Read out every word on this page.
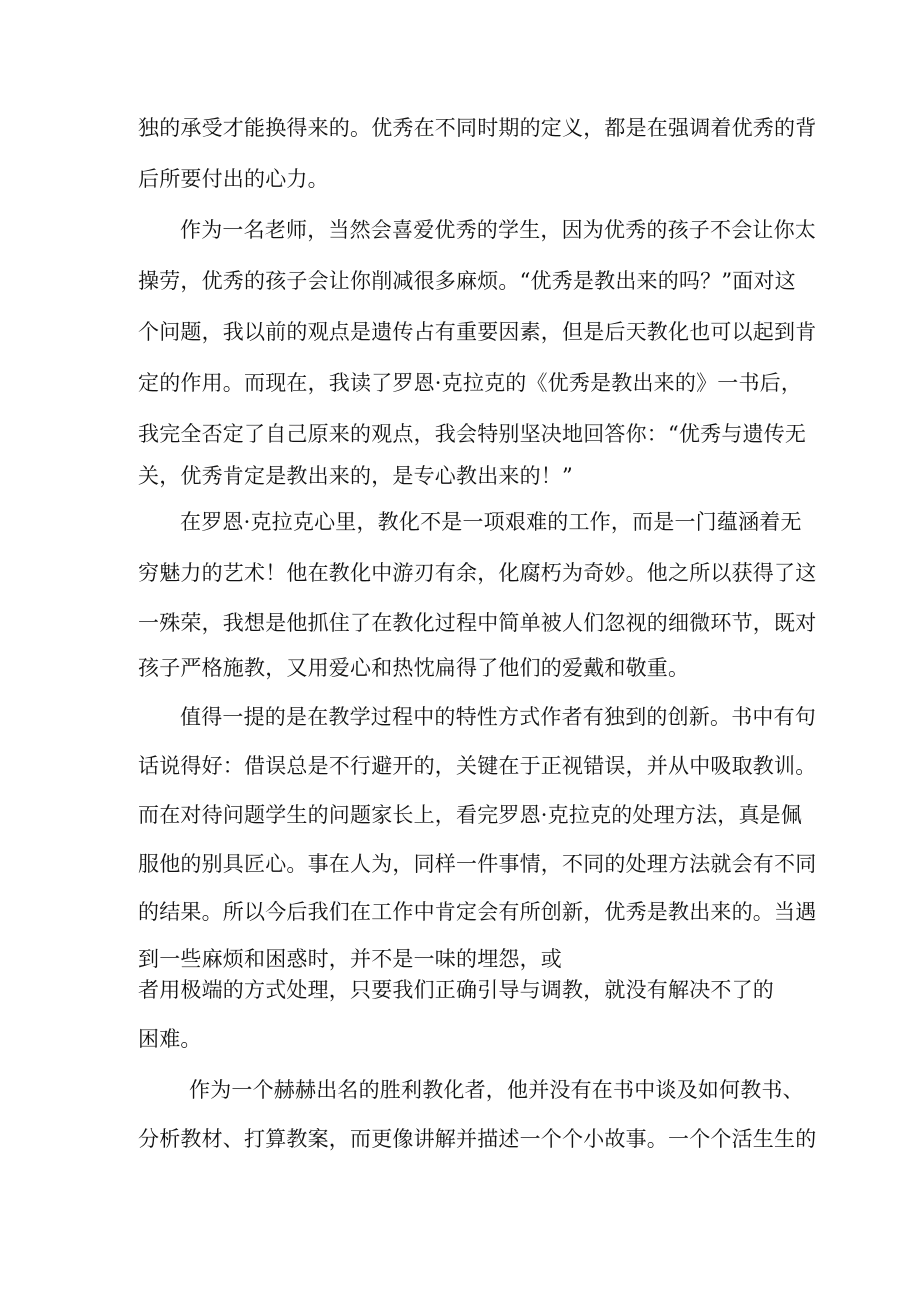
独的承受才能换得来的。优秀在不同时期的定义，都是在强调着优秀的背
后所要付出的心力。
作为一名老师，当然会喜爱优秀的学生，因为优秀的孩子不会让你太
操劳，优秀的孩子会让你削减很多麻烦。“优秀是教出来的吗？”面对这
个问题，我以前的观点是遗传占有重要因素，但是后天教化也可以起到肯
定的作用。而现在，我读了罗恩·克拉克的《优秀是教出来的》一书后，
我完全否定了自己原来的观点，我会特别坚决地回答你：“优秀与遗传无
关，优秀肯定是教出来的，是专心教出来的！”
在罗恩·克拉克心里，教化不是一项艰难的工作，而是一门蕴涵着无
穷魅力的艺术！他在教化中游刃有余，化腐朽为奇妙。他之所以获得了这
一殊荣，我想是他抓住了在教化过程中简单被人们忽视的细微环节，既对
孩子严格施教，又用爱心和热忱扁得了他们的爱戴和敬重。
值得一提的是在教学过程中的特性方式作者有独到的创新。书中有句
话说得好：借误总是不行避开的，关键在于正视错误，并从中吸取教训。
而在对待问题学生的问题家长上，看完罗恩·克拉克的处理方法，真是佩
服他的别具匠心。事在人为，同样一件事情，不同的处理方法就会有不同
的结果。所以今后我们在工作中肯定会有所创新，优秀是教出来的。当遇
到一些麻烦和困惑时，并不是一味的埋怨，或
者用极端的方式处理，只要我们正确引导与调教，就没有解决不了的
困难。
作为一个赫赫出名的胜利教化者，他并没有在书中谈及如何教书、
分析教材、打算教案，而更像讲解并描述一个个小故事。一个个活生生的
